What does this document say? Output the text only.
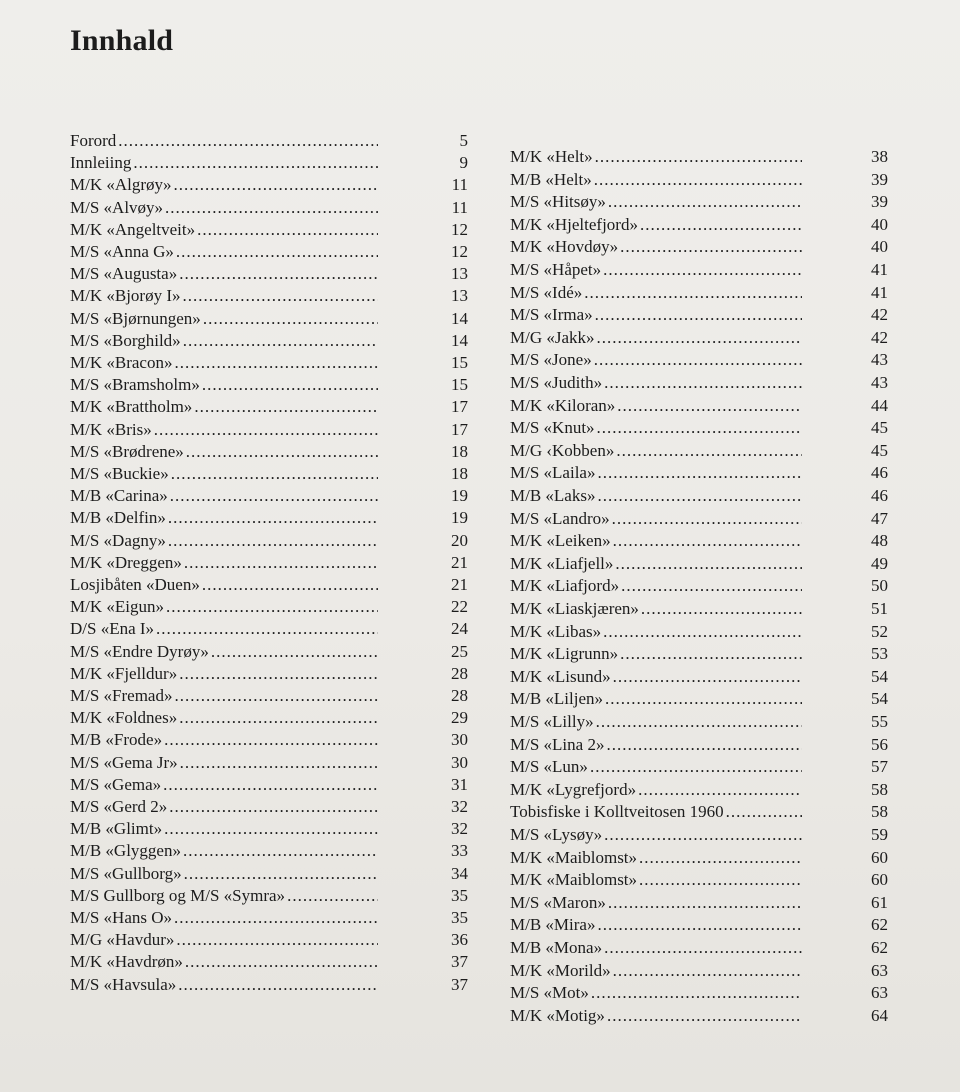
Innhald
Forord .....	5
Innleiing .....	9
M/K «Algrøy» .....	11
M/S «Alvøy» .....	11
M/K «Angeltveit» .....	12
M/S «Anna G» .....	12
M/S «Augusta» .....	13
M/K «Bjorøy I» .....	13
M/S «Bjørnungen» .....	14
M/S «Borghild» .....	14
M/K «Bracon» .....	15
M/S «Bramsholm» .....	15
M/K «Brattholm» .....	17
M/K «Bris» .....	17
M/S «Brødrene» .....	18
M/S «Buckie» .....	18
M/B «Carina» .....	19
M/B «Delfin» .....	19
M/S «Dagny» .....	20
M/K «Dreggen» .....	21
Losjibåten «Duen» .....	21
M/K «Eigun» .....	22
D/S «Ena I» .....	24
M/S «Endre Dyrøy» .....	25
M/K «Fjelldur» .....	28
M/S «Fremad» .....	28
M/K «Foldnes» .....	29
M/B «Frode» .....	30
M/S «Gema Jr» .....	30
M/S «Gema» .....	31
M/S «Gerd 2» .....	32
M/B «Glimt» .....	32
M/B «Glyggen» .....	33
M/S «Gullborg» .....	34
M/S Gullborg og M/S «Symra» .....	35
M/S «Hans O» .....	35
M/G «Havdur» .....	36
M/K «Havdrøn» .....	37
M/S «Havsula» .....	37
M/K «Helt» .....	38
M/B «Helt» .....	39
M/S «Hitsøy» .....	39
M/K «Hjeltefjord» .....	40
M/K «Hovdøy» .....	40
M/S «Håpet» .....	41
M/S «Idé» .....	41
M/S «Irma» .....	42
M/G «Jakk» .....	42
M/S «Jone» .....	43
M/S «Judith» .....	43
M/K «Kiloran» .....	44
M/S «Knut» .....	45
M/G ‹Kobben» .....	45
M/S «Laila» .....	46
M/B «Laks» .....	46
M/S «Landro» .....	47
M/K «Leiken» .....	48
M/K «Liafjell» .....	49
M/K «Liafjord» .....	50
M/K «Liaskjæren» .....	51
M/K «Libas» .....	52
M/K «Ligrunn» .....	53
M/K «Lisund» .....	54
M/B «Liljen» .....	54
M/S «Lilly» .....	55
M/S «Lina 2» .....	56
M/S «Lun» .....	57
M/K «Lygrefjord» .....	58
Tobisfiske i Kolltveitosen 1960 .....	58
M/S «Lysøy» .....	59
M/K «Maiblomst» .....	60
M/K «Maiblomst» .....	60
M/S «Maron» .....	61
M/B «Mira» .....	62
M/B «Mona» .....	62
M/K «Morild» .....	63
M/S «Mot» .....	63
M/K «Motig» .....	64
